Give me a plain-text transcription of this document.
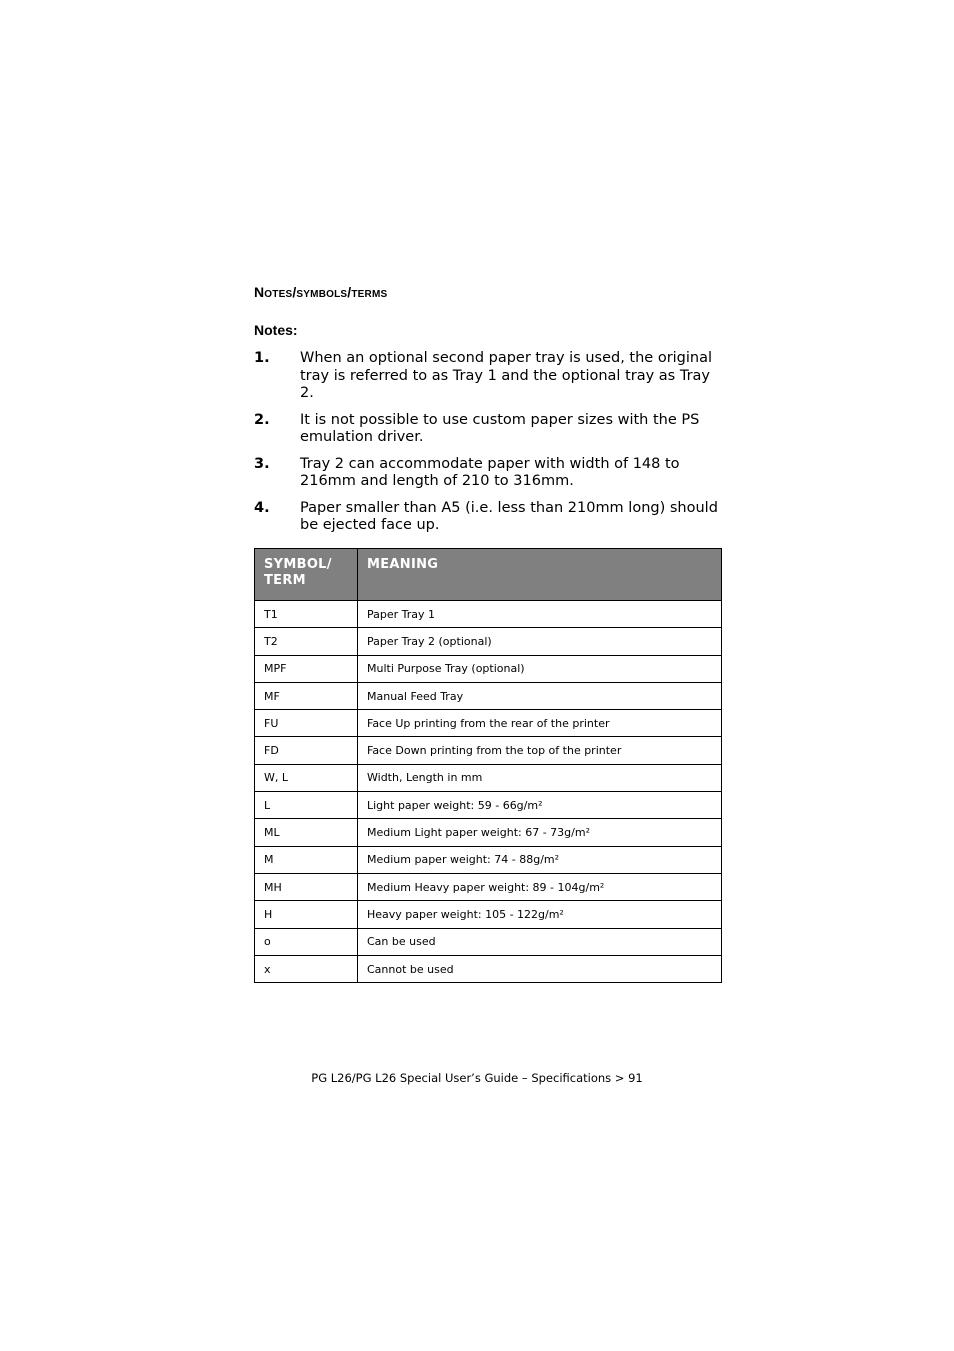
Notes/symbols/terms
Notes:
1. When an optional second paper tray is used, the original tray is referred to as Tray 1 and the optional tray as Tray 2.
2. It is not possible to use custom paper sizes with the PS emulation driver.
3. Tray 2 can accommodate paper with width of 148 to 216mm and length of 210 to 316mm.
4. Paper smaller than A5 (i.e. less than 210mm long) should be ejected face up.
SYMBOL/
TERM	MEANING
T1	Paper Tray 1
T2	Paper Tray 2 (optional)
MPF	Multi Purpose Tray (optional)
MF	Manual Feed Tray
FU	Face Up printing from the rear of the printer
FD	Face Down printing from the top of the printer
W, L	Width, Length in mm
L	Light paper weight: 59 - 66g/m²
ML	Medium Light paper weight: 67 - 73g/m²
M	Medium paper weight: 74 - 88g/m²
MH	Medium Heavy paper weight: 89 - 104g/m²
H	Heavy paper weight: 105 - 122g/m²
o	Can be used
x	Cannot be used
PG L26/PG L26 Special User’s Guide – Specifications > 91
